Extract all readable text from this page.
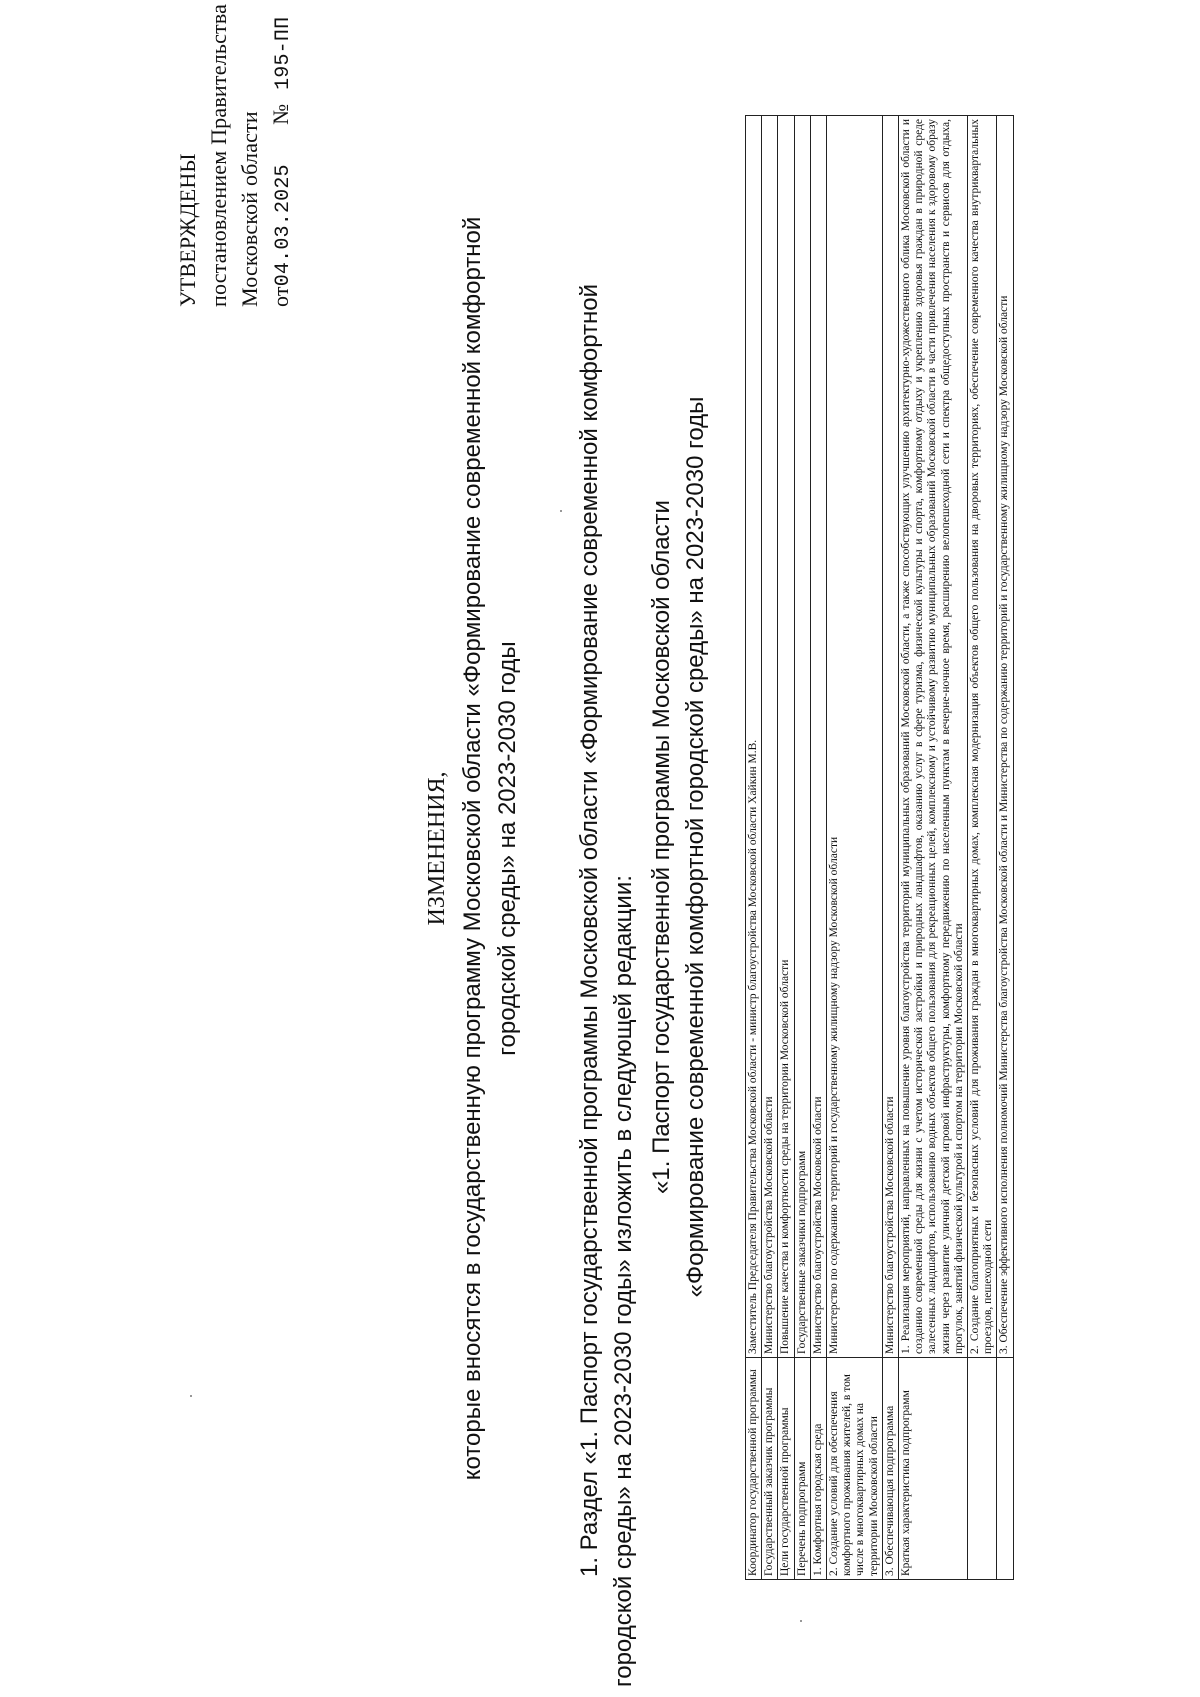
УТВЕРЖДЕНЫ постановлением Правительства Московской области от04.03.2025  № 195-ПП
ИЗМЕНЕНИЯ, которые вносятся в государственную программу Московской области «Формирование современной комфортной городской среды» на 2023-2030 годы 1. Раздел «1. Паспорт государственной программы Московской области «Формирование современной комфортной городской среды» на 2023-2030 годы» изложить в следующей редакции:
«1. Паспорт государственной программы Московской области «Формирование современной комфортной городской среды» на 2023-2030 годы
Координатор государственной программы	Заместитель Председателя Правительства Московской области - министр благоустройства Московской области Хайкин М.В.
Государственный заказчик программы	Министерство благоустройства Московской области
Цели государственной программы	Повышение качества и комфортности среды на территории Московской области
Перечень подпрограмм	Государственные заказчики подпрограмм
1. Комфортная городская среда	Министерство благоустройства Московской области
2. Создание условий для обеспечения комфортного проживания жителей, в том числе в многоквартирных домах на территории Московской области	Министерство по содержанию территорий и государственному жилищному надзору Московской области
3. Обеспечивающая подпрограмма	Министерство благоустройства Московской области
Краткая характеристика подпрограмм	1. Реализация мероприятий, направленных на повышение уровня благоустройства территорий муниципальных образований Московской области, а также способствующих улучшению архитектурно-художественного облика Московской области и созданию современной среды для жизни с учетом исторической застройки и природных ландшафтов, оказанию услуг в сфере туризма, физической культуры и спорта, комфортному отдыху и укреплению здоровья граждан в природной среде залесенных ландшафтов, использованию водных объектов общего пользования для рекреационных целей, комплексному и устойчивому развитию муниципальных образований Московской области в части привлечения населения к здоровому образу жизни через развитие уличной детской игровой инфраструктуры, комфортному передвижению по населенным пунктам в вечерне-ночное время, расширению велопешеходной сети и спектра общедоступных пространств и сервисов для отдыха, прогулок, занятий физической культурой и спортом на территории Московской области
	2. Создание благоприятных и безопасных условий для проживания граждан в многоквартирных домах, комплексная модернизация объектов общего пользования на дворовых территориях, обеспечение современного качества внутриквартальных проездов, пешеходной сети
	3. Обеспечение эффективного исполнения полномочий Министерства благоустройства Московской области и Министерства по содержанию территорий и государственному жилищному надзору Московской области
